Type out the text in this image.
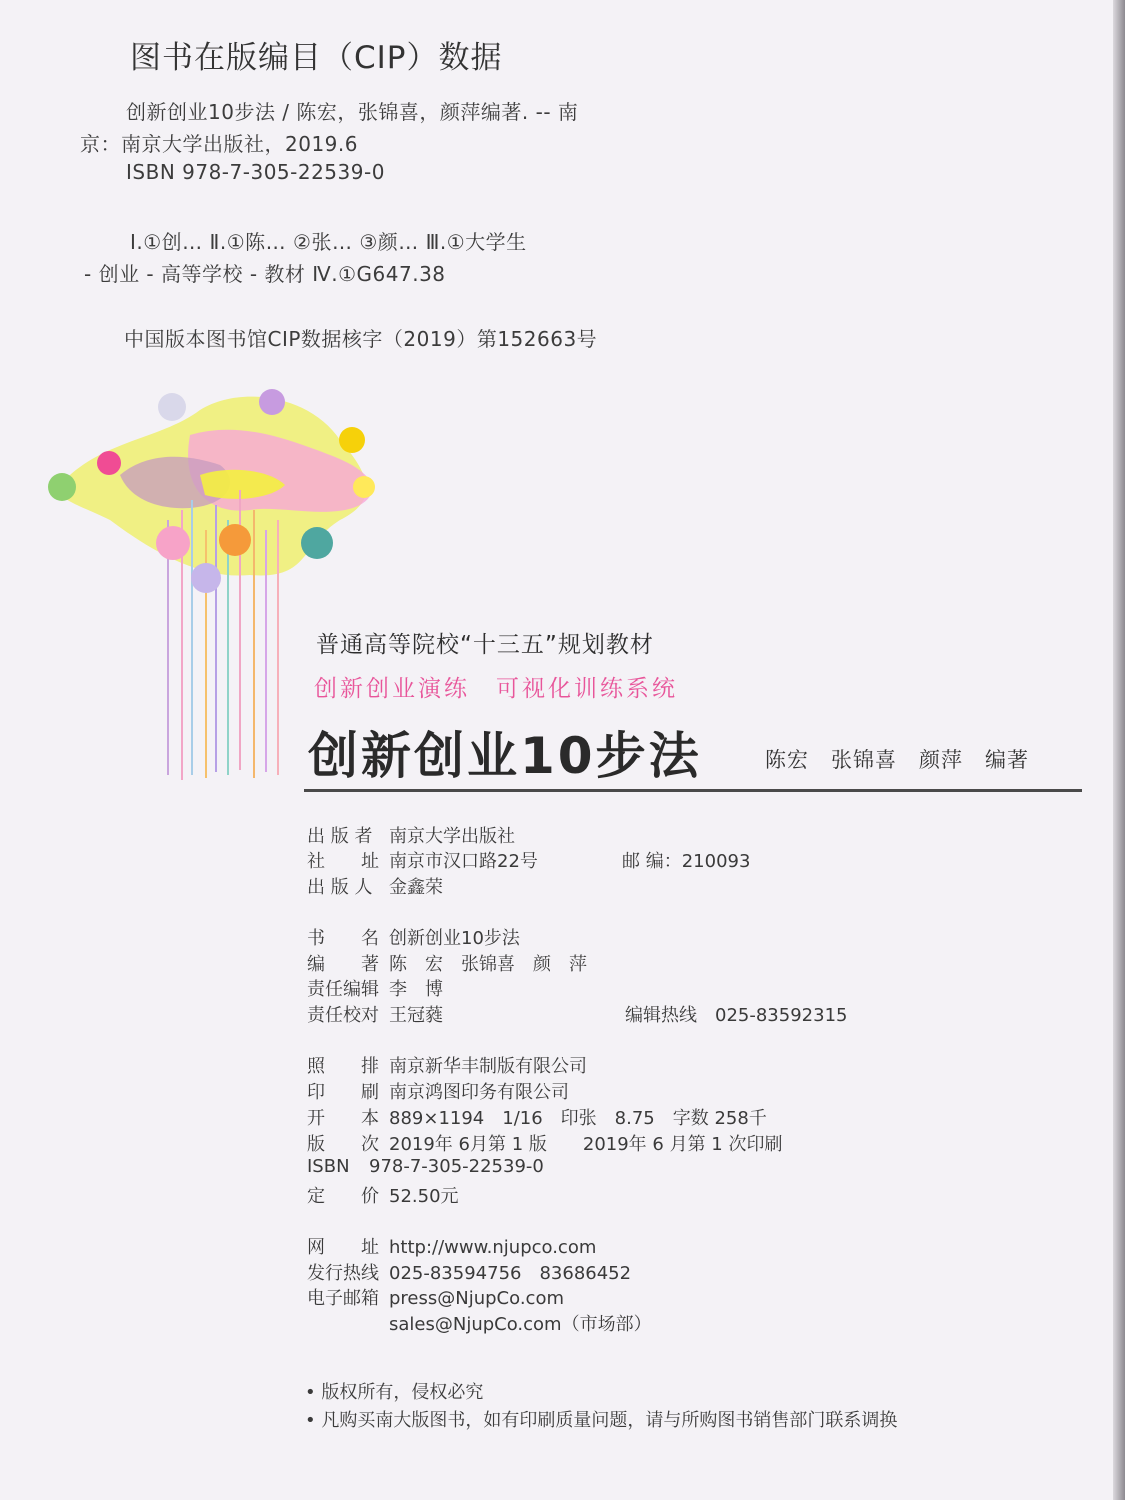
图书在版编目（CIP）数据
创新创业10步法 / 陈宏，张锦喜，颜萍编著. -- 南
京：南京大学出版社，2019.6
ISBN 978-7-305-22539-0
Ⅰ.①创… Ⅱ.①陈… ②张… ③颜… Ⅲ.①大学生
- 创业 - 高等学校 - 教材 Ⅳ.①G647.38
中国版本图书馆CIP数据核字（2019）第152663号
普通高等院校“十三五”规划教材
创新创业演练　可视化训练系统
创新创业10步法	陈宏　张锦喜　颜萍　编著
出 版 者 南京大学出版社
社　　址 南京市汉口路22号	邮 编：210093
出 版 人 金鑫荣
书　　名 创新创业10步法
编　　著 陈　宏　张锦喜　颜　萍
责任编辑 李　博
责任校对 王冠蕤	编辑热线　025-83592315
照　　排 南京新华丰制版有限公司
印　　刷 南京鸿图印务有限公司
开　　本 889×1194　1/16　印张　8.75　字数 258千
版　　次 2019年 6月第 1 版　　2019年 6 月第 1 次印刷
ISBN 978-7-305-22539-0
定　　价 52.50元
网　　址 http://www.njupco.com
发行热线 025-83594756　83686452
电子邮箱 press@NjupCo.com
sales@NjupCo.com（市场部）
• 版权所有，侵权必究
• 凡购买南大版图书，如有印刷质量问题，请与所购图书销售部门联系调换
